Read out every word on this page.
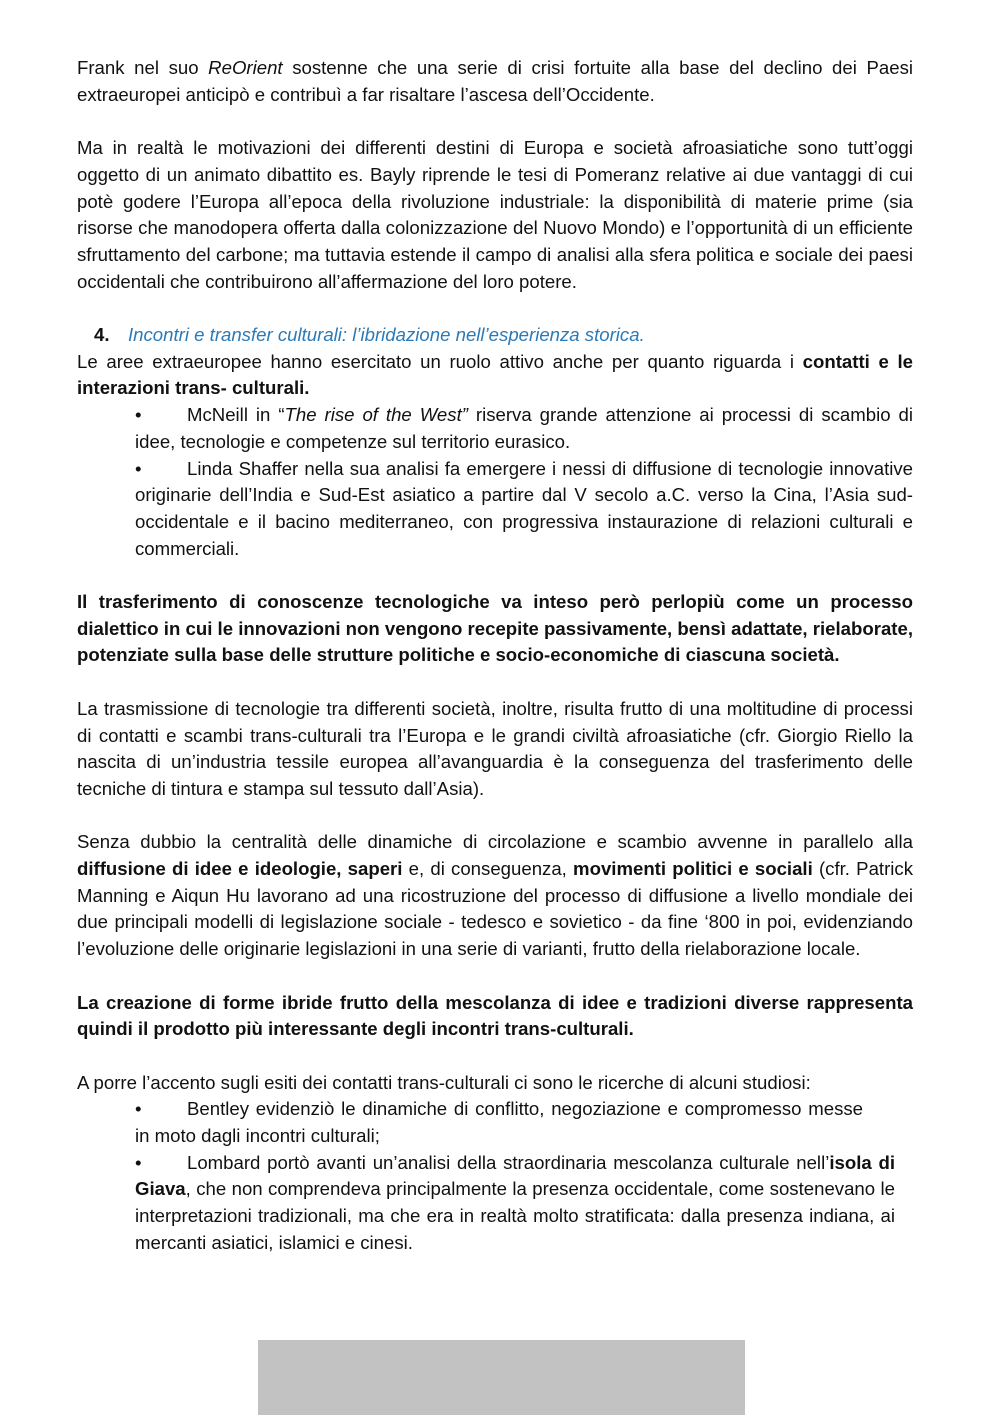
Frank nel suo ReOrient sostenne che una serie di crisi fortuite alla base del declino dei Paesi extraeuropei anticipò e contribuì a far risaltare l’ascesa dell’Occidente.

Ma in realtà le motivazioni dei differenti destini di Europa e società afroasiatiche sono tutt’oggi oggetto di un animato dibattito es. Bayly riprende le tesi di Pomeranz relative ai due vantaggi di cui potè godere l’Europa all’epoca della rivoluzione industriale: la disponibilità di materie prime (sia risorse che manodopera offerta dalla colonizzazione del Nuovo Mondo) e l’opportunità di un efficiente sfruttamento del carbone; ma tuttavia estende il campo di analisi alla sfera politica e sociale dei paesi occidentali che contribuirono all’affermazione del loro potere.

4. Incontri e transfer culturali: l’ibridazione nell’esperienza storica.

Le aree extraeuropee hanno esercitato un ruolo attivo anche per quanto riguarda i contatti e le interazioni trans- culturali.

• McNeill in “The rise of the West” riserva grande attenzione ai processi di scambio di idee, tecnologie e competenze sul territorio eurasico.
• Linda Shaffer nella sua analisi fa emergere i nessi di diffusione di tecnologie innovative originarie dell’India e Sud-Est asiatico a partire dal V secolo a.C. verso la Cina, l’Asia sud-occidentale e il bacino mediterraneo, con progressiva instaurazione di relazioni culturali e commerciali.

Il trasferimento di conoscenze tecnologiche va inteso però perlopiù come un processo dialettico in cui le innovazioni non vengono recepite passivamente, bensì adattate, rielaborate, potenziate sulla base delle strutture politiche e socio-economiche di ciascuna società.

La trasmissione di tecnologie tra differenti società, inoltre, risulta frutto di una moltitudine di processi di contatti e scambi trans-culturali tra l’Europa e le grandi civiltà afroasiatiche (cfr. Giorgio Riello la nascita di un’industria tessile europea all’avanguardia è la conseguenza del trasferimento delle tecniche di tintura e stampa sul tessuto dall’Asia).

Senza dubbio la centralità delle dinamiche di circolazione e scambio avvenne in parallelo alla diffusione di idee e ideologie, saperi e, di conseguenza, movimenti politici e sociali (cfr. Patrick Manning e Aiqun Hu lavorano ad una ricostruzione del processo di diffusione a livello mondiale dei due principali modelli di legislazione sociale - tedesco e sovietico - da fine ‘800 in poi, evidenziando l’evoluzione delle originarie legislazioni in una serie di varianti, frutto della rielaborazione locale.

La creazione di forme ibride frutto della mescolanza di idee e tradizioni diverse rappresenta quindi il prodotto più interessante degli incontri trans-culturali.

A porre l’accento sugli esiti dei contatti trans-culturali ci sono le ricerche di alcuni studiosi:

• Bentley evidenziò le dinamiche di conflitto, negoziazione e compromesso messe in moto dagli incontri culturali;
• Lombard portò avanti un’analisi della straordinaria mescolanza culturale nell’isola di Giava, che non comprendeva principalmente la presenza occidentale, come sostenevano le interpretazioni tradizionali, ma che era in realtà molto stratificata: dalla presenza indiana, ai mercanti asiatici, islamici e cinesi.
